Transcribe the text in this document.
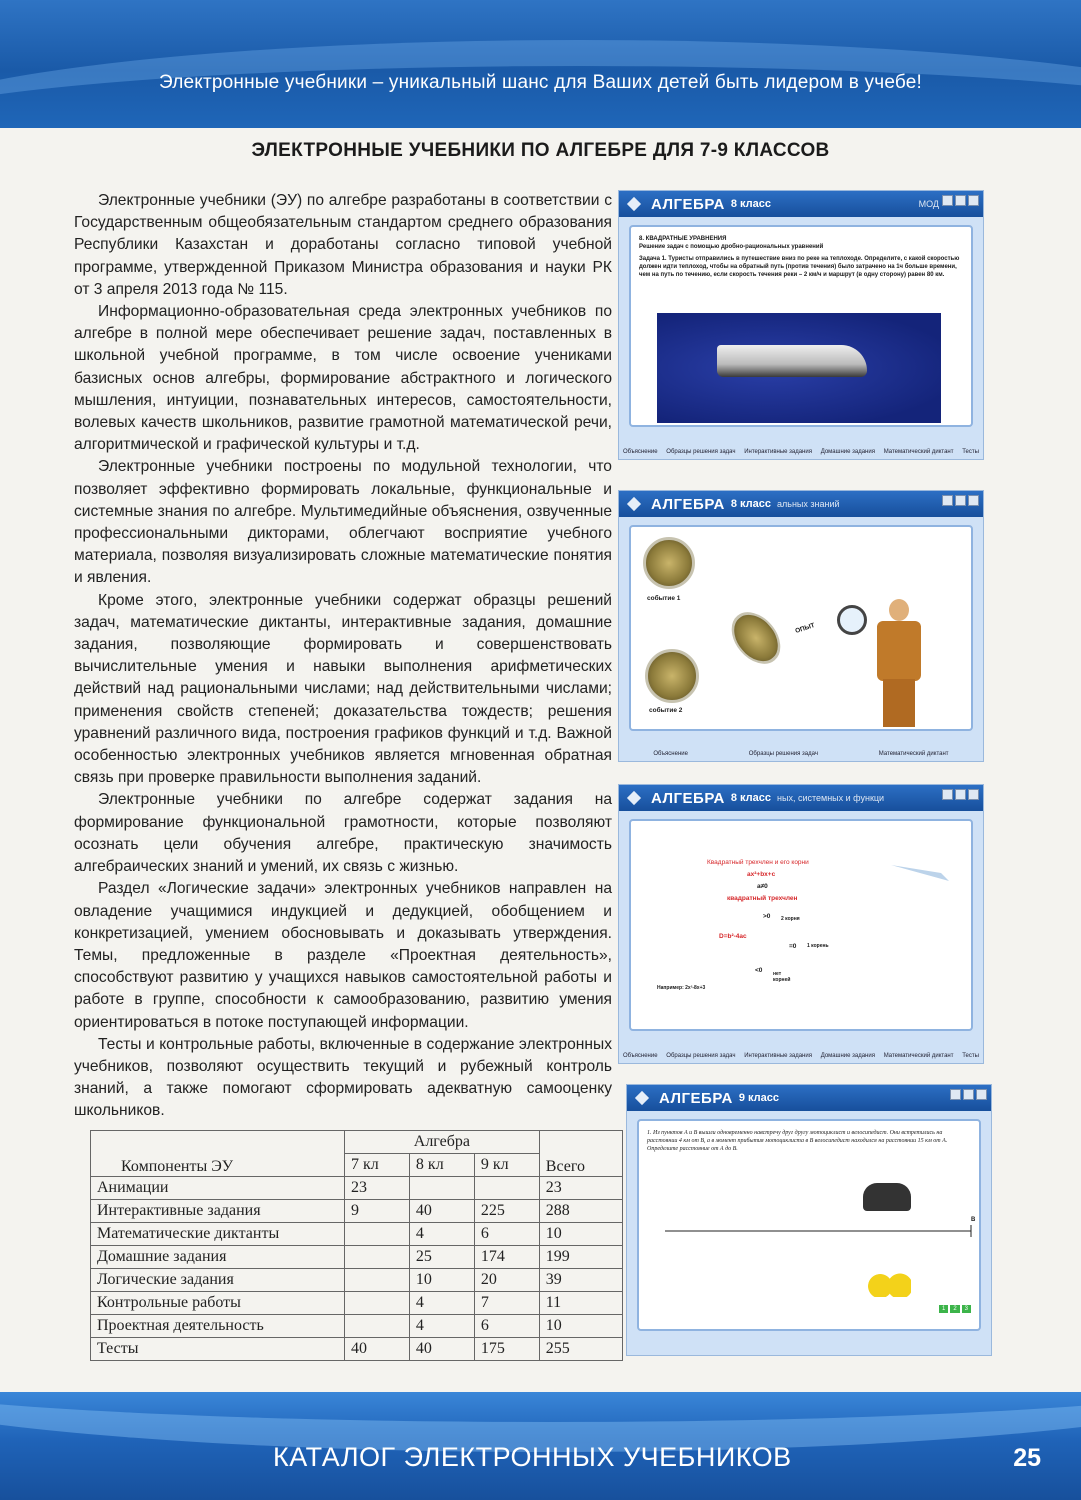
Электронные учебники – уникальный шанс для Ваших детей быть лидером в учебе!
ЭЛЕКТРОННЫЕ УЧЕБНИКИ ПО АЛГЕБРЕ ДЛЯ 7-9 КЛАССОВ

Электронные учебники (ЭУ) по алгебре разработаны в соответствии с Государственным общеобязательным стандартом среднего образования Республики Казахстан и доработаны согласно типовой учебной программе, утвержденной Приказом Министра образования и науки РК от 3 апреля 2013 года № 115.

Информационно-образовательная среда электронных учебников по алгебре в полной мере обеспечивает решение задач, поставленных в школьной учебной программе, в том числе освоение учениками базисных основ алгебры, формирование абстрактного и логического мышления, интуиции, познавательных интересов, самостоятельности, волевых качеств школьников, развитие грамотной математической речи, алгоритмической и графической культуры и т.д.

Электронные учебники построены по модульной технологии, что позволяет эффективно формировать локальные, функциональные и системные знания по алгебре. Мультимедийные объяснения, озвученные профессиональными дикторами, облегчают восприятие учебного материала, позволяя визуализировать сложные математические понятия и явления.

Кроме этого, электронные учебники содержат образцы решений задач, математические диктанты, интерактивные задания, домашние задания, позволяющие формировать и совершенствовать вычислительные умения и навыки выполнения арифметических действий над рациональными числами; над действительными числами; применения свойств степеней; доказательства тождеств; решения уравнений различного вида, построения графиков функций и т.д. Важной особенностью электронных учебников является мгновенная обратная связь при проверке правильности выполнения заданий.

Электронные учебники по алгебре содержат задания на формирование функциональной грамотности, которые позволяют осознать цели обучения алгебре, практическую значимость алгебраических знаний и умений, их связь с жизнью.

Раздел «Логические задачи» электронных учебников направлен на овладение учащимися индукцией и дедукцией, обобщением и конкретизацией, умением обосновывать и доказывать утверждения. Темы, предложенные в разделе «Проектная деятельность», способствуют развитию у учащихся навыков самостоятельной работы и работе в группе, способности к самообразованию, развитию умения ориентироваться в потоке поступающей информации.

Тесты и контрольные работы, включенные в содержание электронных учебников, позволяют осуществить текущий и рубежный контроль знаний, а также помогают сформировать адекватную самооценку школьников.

Компоненты ЭУ	Алгебра			Всего
	7 кл	8 кл	9 кл	
Анимации	23			23
Интерактивные задания	9	40	225	288
Математические диктанты		4	6	10
Домашние задания		25	174	199
Логические задания		10	20	39
Контрольные работы		4	7	11
Проектная деятельность		4	6	10
Тесты	40	40	175	255
АЛГЕБРА 8 класс	МОД
8. КВАДРАТНЫЕ УРАВНЕНИЯ
Решение задач с помощью дробно-рациональных уравнений
Задача 1. Туристы отправились в путешествие вниз по реке на теплоходе. Определите, с какой скоростью должен идти теплоход, чтобы на обратный путь (против течения) было затрачено на 1ч больше времени, чем на путь по течению, если скорость течения реки – 2 км/ч и маршрут (в одну сторону) равен 80 км.
Объяснение Образцы решения задач Интерактивные задания Домашние задания Математический диктант Тесты
АЛГЕБРА 8 класс альных знаний
событие 1
ОПЫТ
событие 2
Объяснение	Образцы решения задач	Математический диктант
АЛГЕБРА 8 класс ных, системных и функци
Квадратный трехчлен и его корни
ax²+bx+c
a≠0
квадратный трехчлен
D=b²-4ac
>0 2 корня
=0 1 корень
<0 нет корней
Например: 2x²-8x+3
Объяснение Образцы решения задач Интерактивные задания Домашние задания Математический диктант Тесты
АЛГЕБРА 9 класс
1. Из пунктов А и В вышли одновременно навстречу друг другу мотоциклист и велосипедист. Они встретились на расстоянии 4 км от В, а в момент прибытия мотоциклиста в В велосипедист находился на расстоянии 15 км от А. Определите расстояние от А до В.
B
1	2	3
КАТАЛОГ ЭЛЕКТРОННЫХ УЧЕБНИКОВ	25
